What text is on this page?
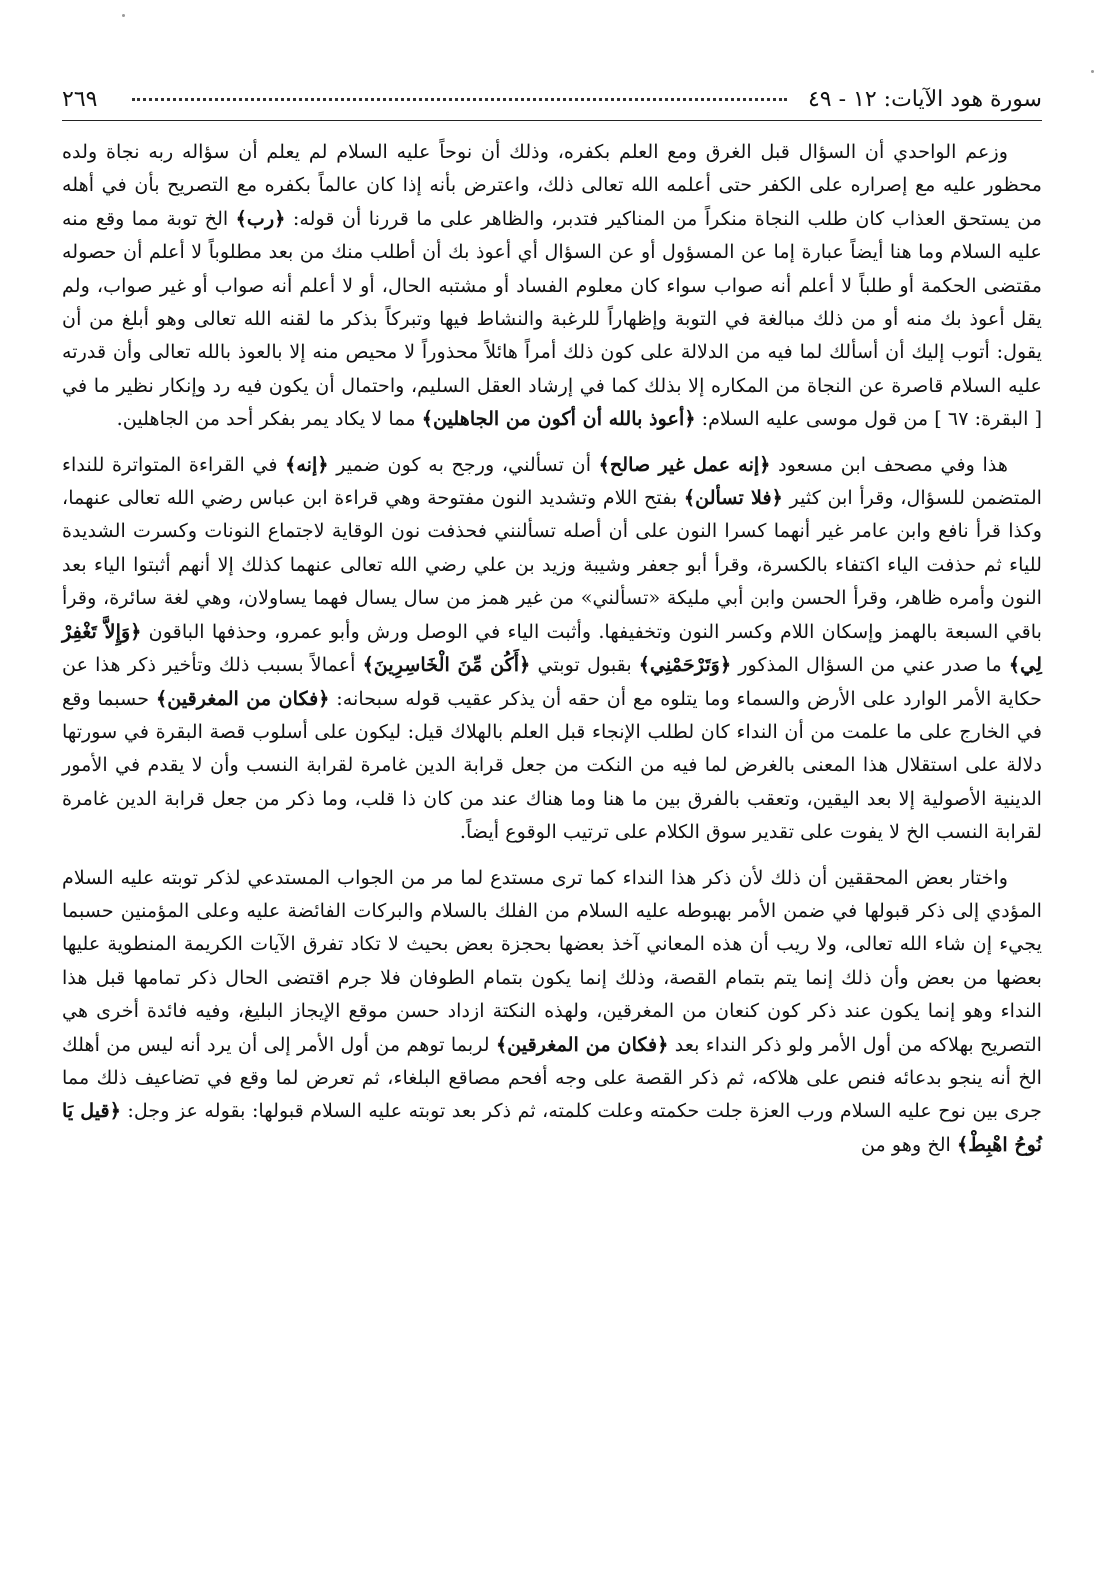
سورة هود الآيات: ١٢ - ٤٩
٢٦٩

وزعم الواحدي أن السؤال قبل الغرق ومع العلم بكفره، وذلك أن نوحاً عليه السلام لم يعلم أن سؤاله ربه نجاة ولده محظور عليه مع إصراره على الكفر حتى أعلمه الله تعالى ذلك، واعترض بأنه إذا كان عالماً بكفره مع التصريح بأن في أهله من يستحق العذاب كان طلب النجاة منكراً من المناكير فتدبر، والظاهر على ما قررنا أن قوله: ﴿رب﴾ الخ توبة مما وقع منه عليه السلام وما هنا أيضاً عبارة إما عن المسؤول أو عن السؤال أي أعوذ بك أن أطلب منك من بعد مطلوباً لا أعلم أن حصوله مقتضى الحكمة أو طلباً لا أعلم أنه صواب سواء كان معلوم الفساد أو مشتبه الحال، أو لا أعلم أنه صواب أو غير صواب، ولم يقل أعوذ بك منه أو من ذلك مبالغة في التوبة وإظهاراً للرغبة والنشاط فيها وتبركاً بذكر ما لقنه الله تعالى وهو أبلغ من أن يقول: أتوب إليك أن أسألك لما فيه من الدلالة على كون ذلك أمراً هائلاً محذوراً لا محيص منه إلا بالعوذ بالله تعالى وأن قدرته عليه السلام قاصرة عن النجاة من المكاره إلا بذلك كما في إرشاد العقل السليم، واحتمال أن يكون فيه رد وإنكار نظير ما في [ البقرة: ٦٧ ] من قول موسى عليه السلام: ﴿أعوذ بالله أن أكون من الجاهلين﴾ مما لا يكاد يمر بفكر أحد من الجاهلين.

هذا وفي مصحف ابن مسعود ﴿إنه عمل غير صالح﴾ أن تسألني، ورجح به كون ضمير ﴿إنه﴾ في القراءة المتواترة للنداء المتضمن للسؤال، وقرأ ابن كثير ﴿فلا تسألن﴾ بفتح اللام وتشديد النون مفتوحة وهي قراءة ابن عباس رضي الله تعالى عنهما، وكذا قرأ نافع وابن عامر غير أنهما كسرا النون على أن أصله تسألنني فحذفت نون الوقاية لاجتماع النونات وكسرت الشديدة للياء ثم حذفت الياء اكتفاء بالكسرة، وقرأ أبو جعفر وشيبة وزيد بن علي رضي الله تعالى عنهما كذلك إلا أنهم أثبتوا الياء بعد النون وأمره ظاهر، وقرأ الحسن وابن أبي مليكة «تسألني» من غير همز من سال يسال فهما يساولان، وهي لغة سائرة، وقرأ باقي السبعة بالهمز وإسكان اللام وكسر النون وتخفيفها. وأثبت الياء في الوصل ورش وأبو عمرو، وحذفها الباقون ﴿وَإِلاَّ تَغْفِرْ لِي﴾ ما صدر عني من السؤال المذكور ﴿وَتَرْحَمْنِي﴾ بقبول توبتي ﴿أَكُن مِّنَ الْخَاسِرِينَ﴾ أعمالاً بسبب ذلك وتأخير ذكر هذا عن حكاية الأمر الوارد على الأرض والسماء وما يتلوه مع أن حقه أن يذكر عقيب قوله سبحانه: ﴿فكان من المغرقين﴾ حسبما وقع في الخارج على ما علمت من أن النداء كان لطلب الإنجاء قبل العلم بالهلاك قيل: ليكون على أسلوب قصة البقرة في سورتها دلالة على استقلال هذا المعنى بالغرض لما فيه من النكت من جعل قرابة الدين غامرة لقرابة النسب وأن لا يقدم في الأمور الدينية الأصولية إلا بعد اليقين، وتعقب بالفرق بين ما هنا وما هناك عند من كان ذا قلب، وما ذكر من جعل قرابة الدين غامرة لقرابة النسب الخ لا يفوت على تقدير سوق الكلام على ترتيب الوقوع أيضاً.

واختار بعض المحققين أن ذلك لأن ذكر هذا النداء كما ترى مستدع لما مر من الجواب المستدعي لذكر توبته عليه السلام المؤدي إلى ذكر قبولها في ضمن الأمر بهبوطه عليه السلام من الفلك بالسلام والبركات الفائضة عليه وعلى المؤمنين حسبما يجيء إن شاء الله تعالى، ولا ريب أن هذه المعاني آخذ بعضها بحجزة بعض بحيث لا تكاد تفرق الآيات الكريمة المنطوية عليها بعضها من بعض وأن ذلك إنما يتم بتمام القصة، وذلك إنما يكون بتمام الطوفان فلا جرم اقتضى الحال ذكر تمامها قبل هذا النداء وهو إنما يكون عند ذكر كون كنعان من المغرقين، ولهذه النكتة ازداد حسن موقع الإيجاز البليغ، وفيه فائدة أخرى هي التصريح بهلاكه من أول الأمر ولو ذكر النداء بعد ﴿فكان من المغرقين﴾ لربما توهم من أول الأمر إلى أن يرد أنه ليس من أهلك الخ أنه ينجو بدعائه فنص على هلاكه، ثم ذكر القصة على وجه أفحم مصاقع البلغاء، ثم تعرض لما وقع في تضاعيف ذلك مما جرى بين نوح عليه السلام ورب العزة جلت حكمته وعلت كلمته، ثم ذكر بعد توبته عليه السلام قبولها: بقوله عز وجل: ﴿قيل يَا نُوحُ اهْبِطْ﴾ الخ وهو من
